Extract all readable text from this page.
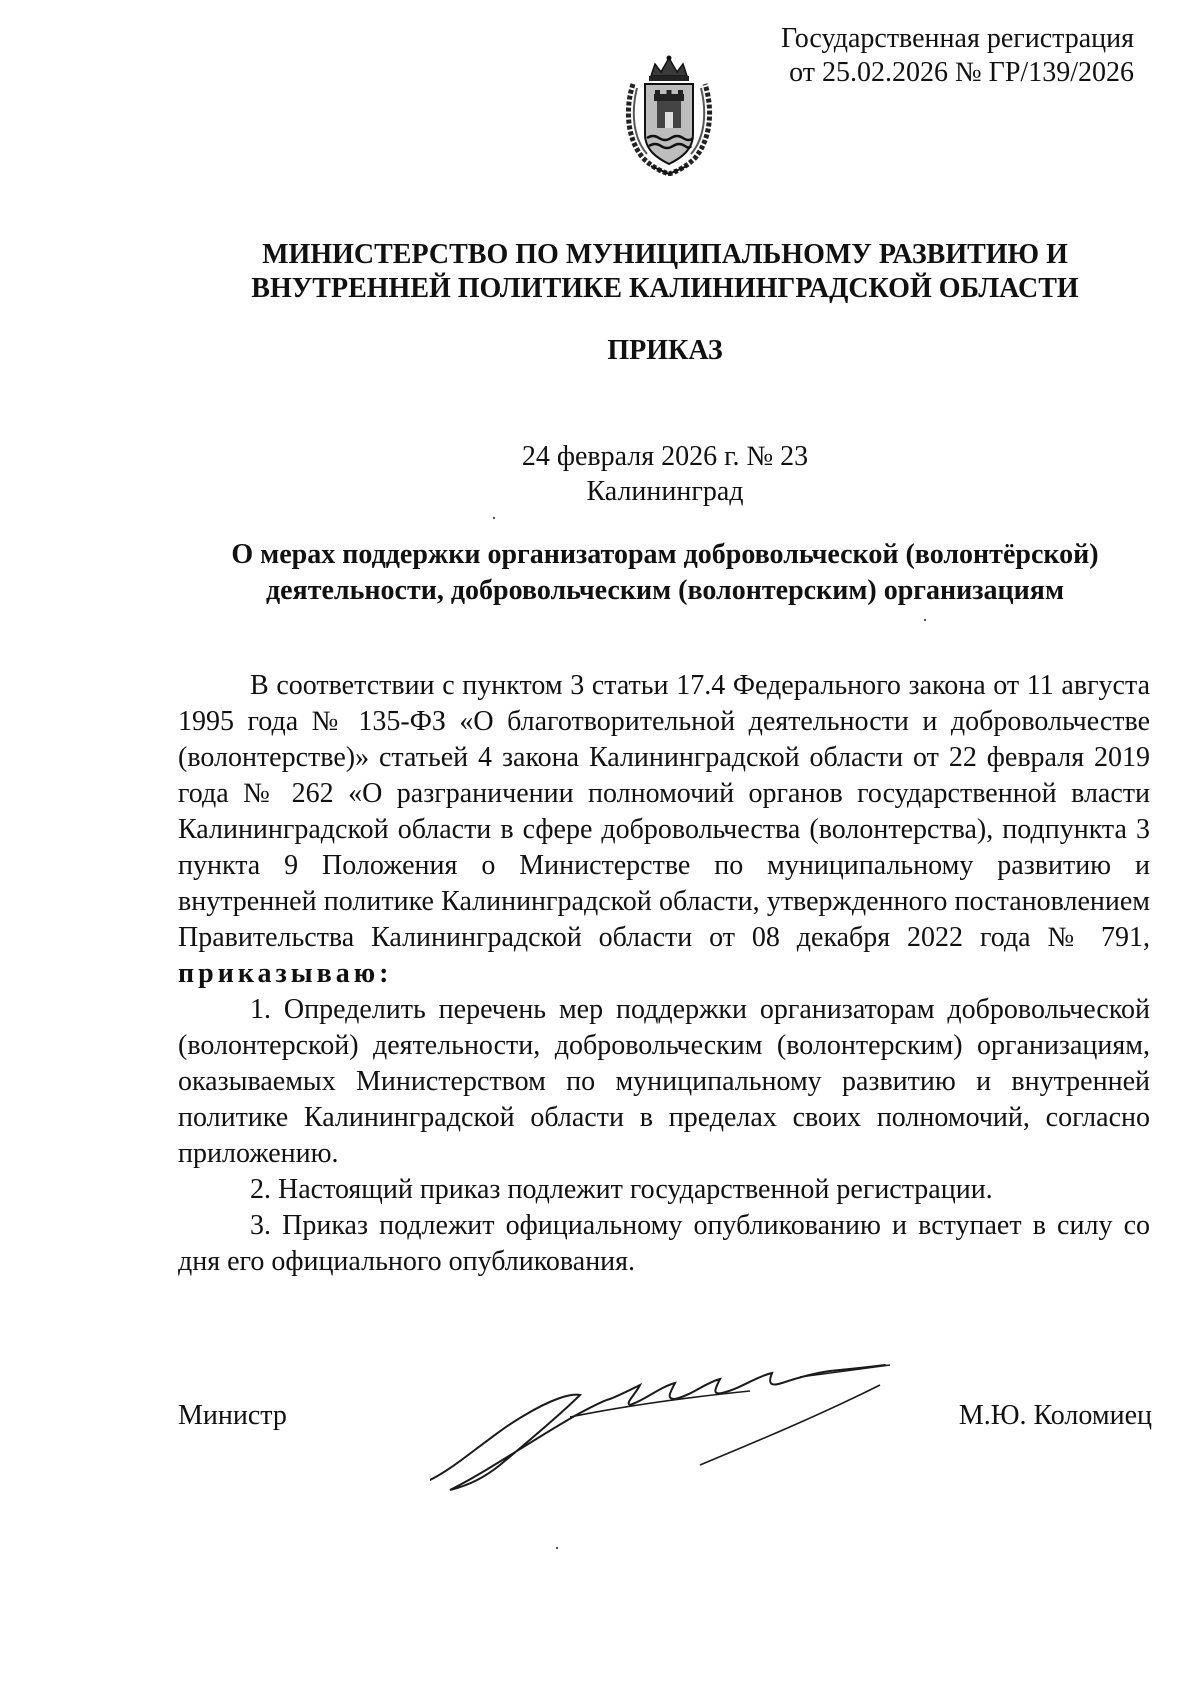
Государственная регистрация
от 25.02.2026 № ГР/139/2026
МИНИСТЕРСТВО ПО МУНИЦИПАЛЬНОМУ РАЗВИТИЮ И
ВНУТРЕННЕЙ ПОЛИТИКЕ КАЛИНИНГРАДСКОЙ ОБЛАСТИ
ПРИКАЗ
24 февраля 2026 г. № 23
Калининград
О мерах поддержки организаторам добровольческой (волонтёрской)
деятельности, добровольческим (волонтерским) организациям

В соответствии с пунктом 3 статьи 17.4 Федерального закона от 11 августа 1995 года № 135-ФЗ «О благотворительной деятельности и добровольчестве (волонтерстве)» статьей 4 закона Калининградской области от 22 февраля 2019 года № 262 «О разграничении полномочий органов государственной власти Калининградской области в сфере добровольчества (волонтерства), подпункта 3 пункта 9 Положения о Министерстве по муниципальному развитию и внутренней политике Калининградской области, утвержденного постановлением Правительства Калининградской области от 08 декабря 2022 года № 791, приказываю:

1. Определить перечень мер поддержки организаторам добровольческой (волонтерской) деятельности, добровольческим (волонтерским) организациям, оказываемых Министерством по муниципальному развитию и внутренней политике Калининградской области в пределах своих полномочий, согласно приложению.

2. Настоящий приказ подлежит государственной регистрации.

3. Приказ подлежит официальному опубликованию и вступает в силу со дня его официального опубликования.

Министр	М.Ю. Коломиец
